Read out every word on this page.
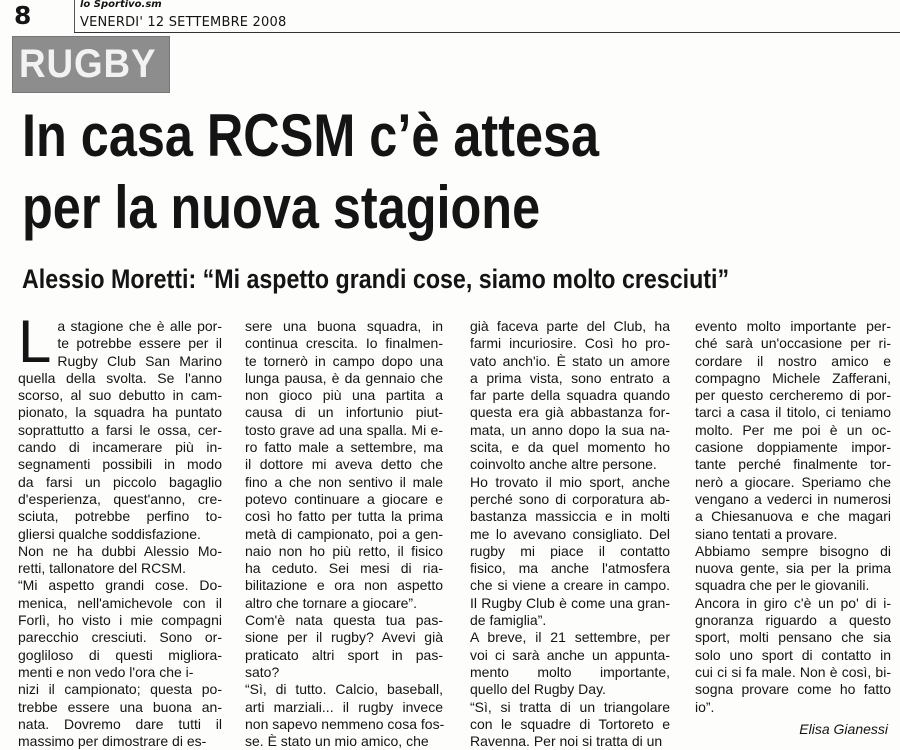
8	lo Sportivo.sm
VENERDI' 12 SETTEMBRE 2008
RUGBY
In casa RCSM c’è attesa
per la nuova stagione
Alessio Moretti: “Mi aspetto grandi cose, siamo molto cresciuti”
L a stagione che è alle por-
te potrebbe essere per il
Rugby Club San Marino
quella della svolta. Se l'anno
scorso, al suo debutto in cam-
pionato, la squadra ha puntato
soprattutto a farsi le ossa, cer-
cando di incamerare più in-
segnamenti possibili in modo
da farsi un piccolo bagaglio
d'esperienza, quest'anno, cre-
sciuta, potrebbe perfino to-
gliersi qualche soddisfazione.
Non ne ha dubbi Alessio Mo-
retti, tallonatore del RCSM.
“Mi aspetto grandi cose. Do-
menica, nell'amichevole con il
Forlì, ho visto i mie compagni
parecchio cresciuti. Sono or-
gogliloso di questi migliora-
menti e non vedo l'ora che i-
nizi il campionato; questa po-
trebbe essere una buona an-
nata. Dovremo dare tutti il
massimo per dimostrare di es-
sere una buona squadra, in
continua crescita. Io finalmen-
te tornerò in campo dopo una
lunga pausa, è da gennaio che
non gioco più una partita a
causa di un infortunio piut-
tosto grave ad una spalla. Mi e-
ro fatto male a settembre, ma
il dottore mi aveva detto che
fino a che non sentivo il male
potevo continuare a giocare e
così ho fatto per tutta la prima
metà di campionato, poi a gen-
naio non ho più retto, il fisico
ha ceduto. Sei mesi di ria-
bilitazione e ora non aspetto
altro che tornare a giocare”.
Com'è nata questa tua pas-
sione per il rugby? Avevi già
praticato altri sport in pas-
sato?
“Sì, di tutto. Calcio, baseball,
arti marziali... il rugby invece
non sapevo nemmeno cosa fos-
se. È stato un mio amico, che
già faceva parte del Club, ha
farmi incuriosire. Così ho pro-
vato anch'io. È stato un amore
a prima vista, sono entrato a
far parte della squadra quando
questa era già abbastanza for-
mata, un anno dopo la sua na-
scita, e da quel momento ho
coinvolto anche altre persone.
Ho trovato il mio sport, anche
perché sono di corporatura ab-
bastanza massiccia e in molti
me lo avevano consigliato. Del
rugby mi piace il contatto
fisico, ma anche l'atmosfera
che si viene a creare in campo.
Il Rugby Club è come una gran-
de famiglia”.
A breve, il 21 settembre, per
voi ci sarà anche un appunta-
mento molto importante,
quello del Rugby Day.
“Sì, si tratta di un triangolare
con le squadre di Tortoreto e
Ravenna. Per noi si tratta di un
evento molto importante per-
ché sarà un'occasione per ri-
cordare il nostro amico e
compagno Michele Zafferani,
per questo cercheremo di por-
tarci a casa il titolo, ci teniamo
molto. Per me poi è un oc-
casione doppiamente impor-
tante perché finalmente tor-
nerò a giocare. Speriamo che
vengano a vederci in numerosi
a Chiesanuova e che magari
siano tentati a provare.
Abbiamo sempre bisogno di
nuova gente, sia per la prima
squadra che per le giovanili.
Ancora in giro c'è un po' di i-
gnoranza riguardo a questo
sport, molti pensano che sia
solo uno sport di contatto in
cui ci si fa male. Non è così, bi-
sogna provare come ho fatto
io”.
Elisa Gianessi
